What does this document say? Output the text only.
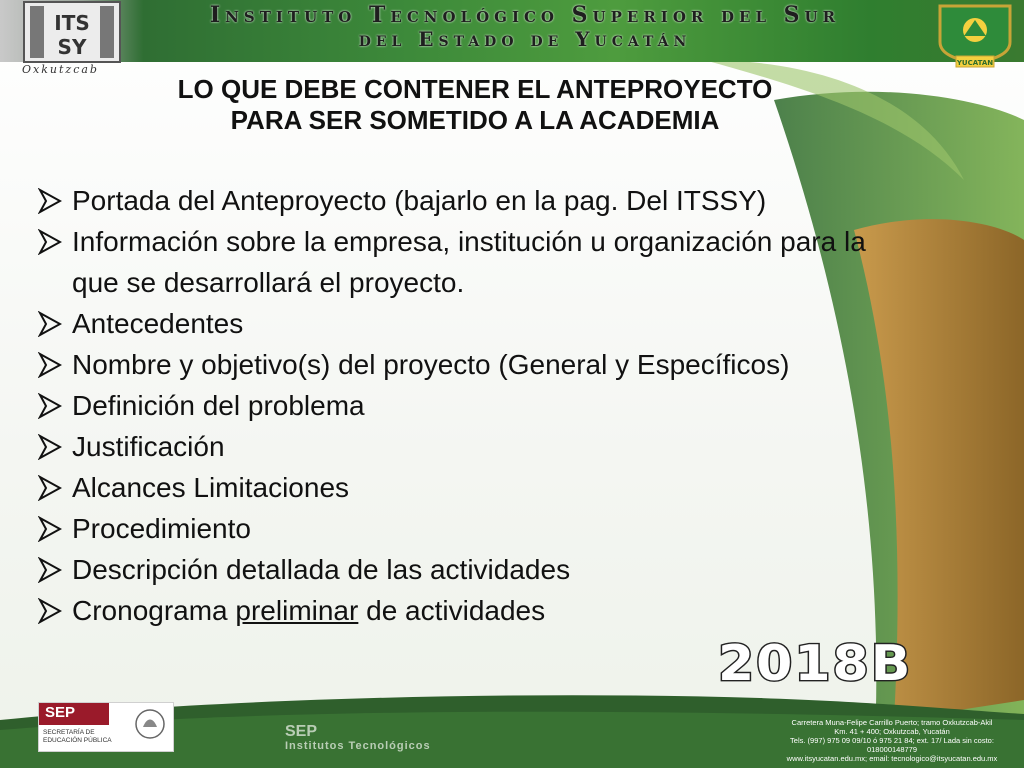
Instituto Tecnológico Superior del Sur
del Estado de Yucatán
ITS
SY
Oxkutzcab	YUCATAN
LO QUE DEBE CONTENER EL ANTEPROYECTO
PARA SER SOMETIDO A LA ACADEMIA
Portada del Anteproyecto (bajarlo en la pag. Del ITSSY)
Información sobre la empresa, institución u organización para la que se desarrollará el proyecto.
Antecedentes
Nombre y objetivo(s) del proyecto (General y Específicos)
Definición del problema
Justificación
Alcances Limitaciones
Procedimiento
Descripción detallada de las actividades
Cronograma preliminar de actividades
2018B
SEP
SECRETARÍA DE EDUCACIÓN PÚBLICA
SEP
Institutos Tecnológicos
Carretera Muna-Felipe Carrillo Puerto; tramo Oxkutzcab-Akil
Km. 41 + 400; Oxkutzcab, Yucatán
Tels. (997) 975 09 09/10 ó 975 21 84; ext. 17/ Lada sin costo:
018000148779
www.itsyucatan.edu.mx; email: tecnologico@itsyucatan.edu.mx
